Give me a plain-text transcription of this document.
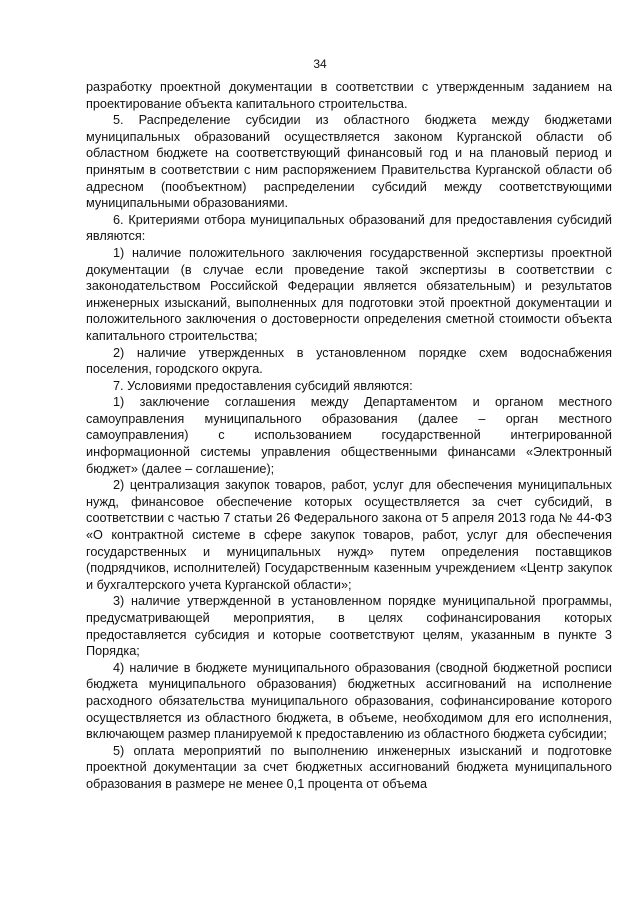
34

разработку проектной документации в соответствии с утвержденным заданием на проектирование объекта капитального строительства.

5. Распределение субсидии из областного бюджета между бюджетами муниципальных образований осуществляется законом Курганской области об областном бюджете на соответствующий финансовый год и на плановый период и принятым в соответствии с ним распоряжением Правительства Курганской области об адресном (пообъектном) распределении субсидий между соответствующими муниципальными образованиями.

6. Критериями отбора муниципальных образований для предоставления субсидий являются:

1) наличие положительного заключения государственной экспертизы проектной документации (в случае если проведение такой экспертизы в соответствии с законодательством Российской Федерации является обязательным) и результатов инженерных изысканий, выполненных для подготовки этой проектной документации и положительного заключения о достоверности определения сметной стоимости объекта капитального строительства;

2) наличие утвержденных в установленном порядке схем водоснабжения поселения, городского округа.

7. Условиями предоставления субсидий являются:

1) заключение соглашения между Департаментом и органом местного самоуправления муниципального образования (далее – орган местного самоуправления) с использованием государственной интегрированной информационной системы управления общественными финансами «Электронный бюджет» (далее – соглашение);

2) централизация закупок товаров, работ, услуг для обеспечения муниципальных нужд, финансовое обеспечение которых осуществляется за счет субсидий, в соответствии с частью 7 статьи 26 Федерального закона от 5 апреля 2013 года № 44-ФЗ «О контрактной системе в сфере закупок товаров, работ, услуг для обеспечения государственных и муниципальных нужд» путем определения поставщиков (подрядчиков, исполнителей) Государственным казенным учреждением «Центр закупок и бухгалтерского учета Курганской области»;

3) наличие утвержденной в установленном порядке муниципальной программы, предусматривающей мероприятия, в целях софинансирования которых предоставляется субсидия и которые соответствуют целям, указанным в пункте 3 Порядка;

4) наличие в бюджете муниципального образования (сводной бюджетной росписи бюджета муниципального образования) бюджетных ассигнований на исполнение расходного обязательства муниципального образования, софинансирование которого осуществляется из областного бюджета, в объеме, необходимом для его исполнения, включающем размер планируемой к предоставлению из областного бюджета субсидии;

5) оплата мероприятий по выполнению инженерных изысканий и подготовке проектной документации за счет бюджетных ассигнований бюджета муниципального образования в размере не менее 0,1 процента от объема
